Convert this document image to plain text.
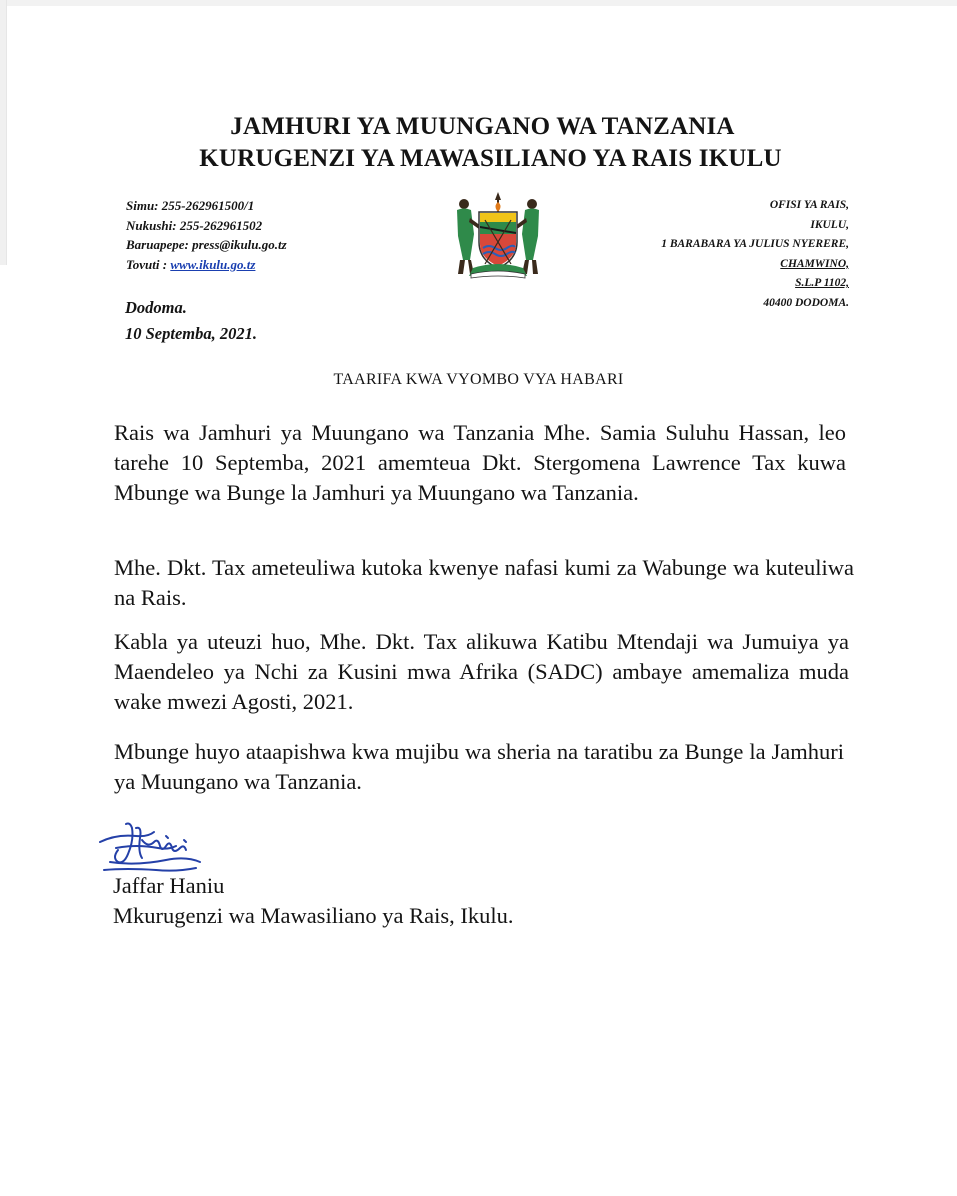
JAMHURI YA MUUNGANO WA TANZANIA
KURUGENZI YA MAWASILIANO YA RAIS IKULU
Simu: 255-262961500/1
Nukushi: 255-262961502
Baruapepe: press@ikulu.go.tz
Tovuti : www.ikulu.go.tz
OFISI YA RAIS,
IKULU,
1 BARABARA YA JULIUS NYERERE,
CHAMWINO,
S.L.P 1102,
40400 DODOMA.
Dodoma.
10 Septemba, 2021.
TAARIFA KWA VYOMBO VYA HABARI
Rais wa Jamhuri ya Muungano wa Tanzania Mhe. Samia Suluhu Hassan, leo tarehe 10 Septemba, 2021 amemteua Dkt. Stergomena Lawrence Tax kuwa Mbunge wa Bunge la Jamhuri ya Muungano wa Tanzania.
Mhe. Dkt. Tax ameteuliwa kutoka kwenye nafasi kumi za Wabunge wa kuteuliwa na Rais.
Kabla ya uteuzi huo, Mhe. Dkt. Tax alikuwa Katibu Mtendaji wa Jumuiya ya Maendeleo ya Nchi za Kusini mwa Afrika (SADC) ambaye amemaliza muda wake mwezi Agosti, 2021.
Mbunge huyo ataapishwa kwa mujibu wa sheria na taratibu za Bunge la Jamhuri ya Muungano wa Tanzania.
Jaffar Haniu
Mkurugenzi wa Mawasiliano ya Rais, Ikulu.
